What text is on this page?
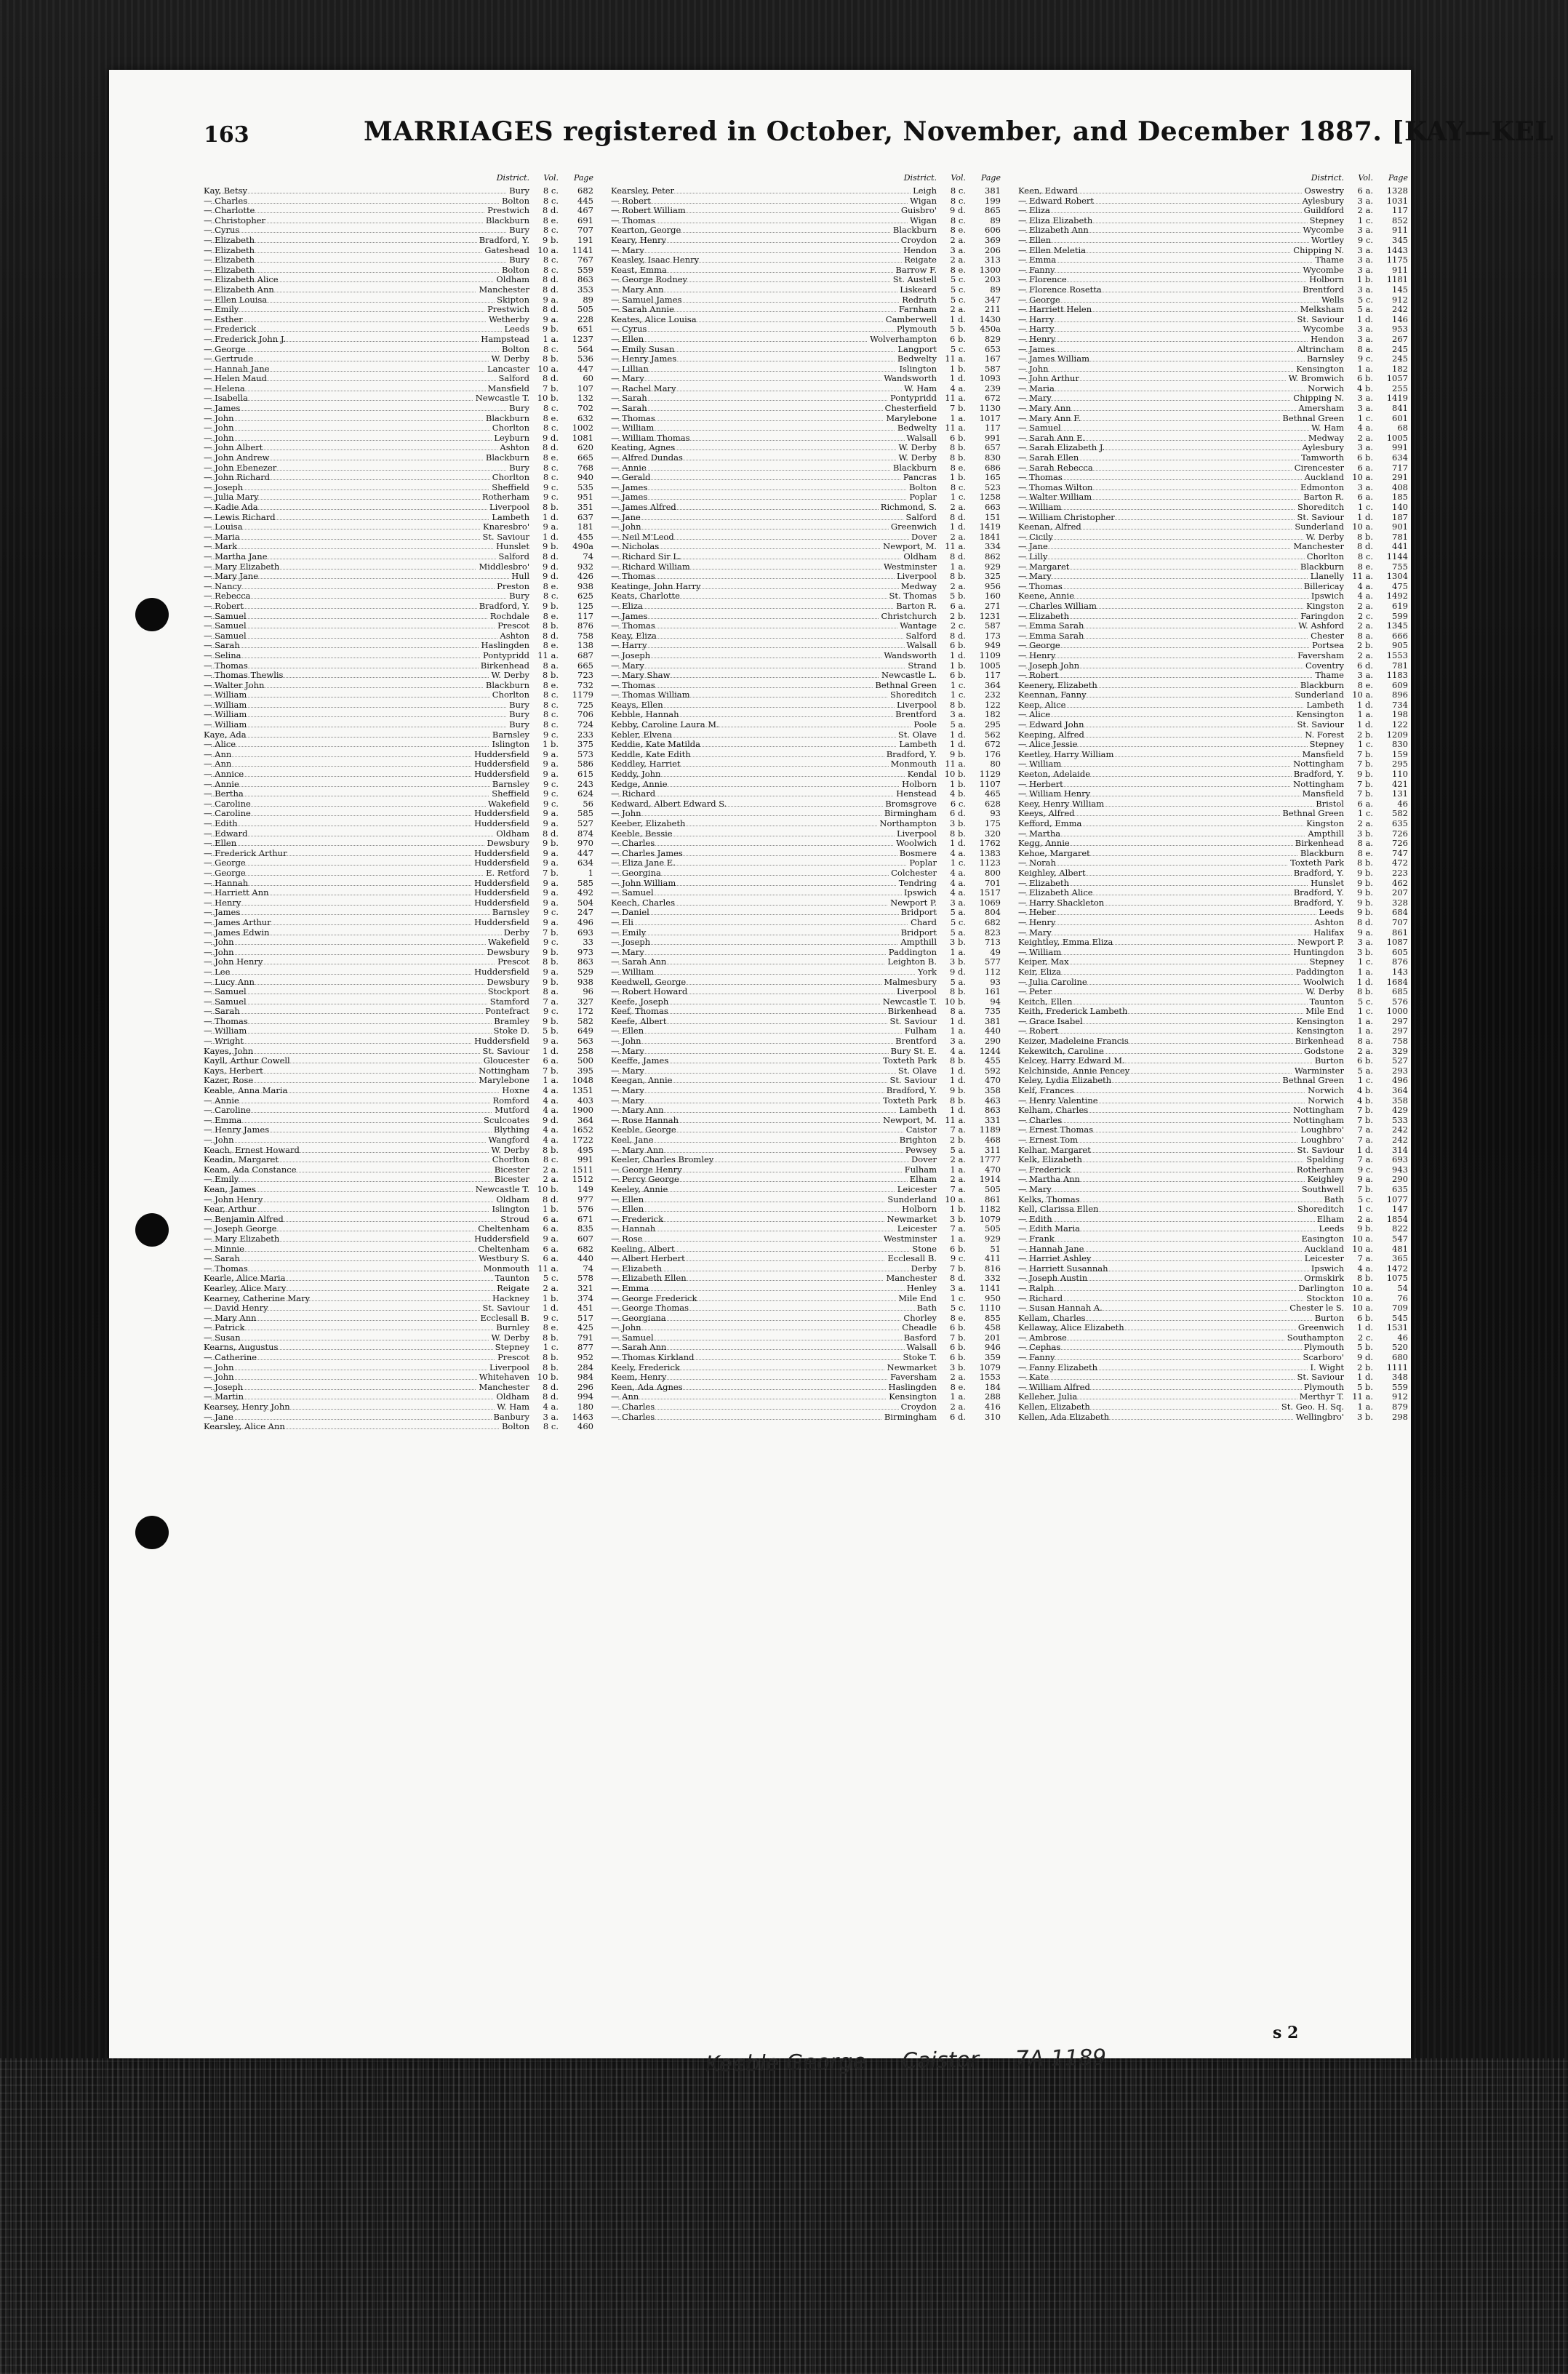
163	MARRIAGES registered in October, November, and December 1887. [KAY—KEL
District. Vol. Page
Kay, Betsy	Bury	8 c.	682
— Charles	Bolton	8 c.	445
— Charlotte	Prestwich	8 d.	467
— Christopher	Blackburn	8 e.	691
— Cyrus	Bury	8 c.	707
— Elizabeth	Bradford, Y.	9 b.	191
— Elizabeth	Gateshead 10 a.	1141
— Elizabeth	Bury	8 c.	767
— Elizabeth	Bolton	8 c.	559
— Elizabeth Alice	Oldham	8 d.	863
— Elizabeth Ann	Manchester	8 d.	353
— Ellen Louisa	Skipton	9 a.	89
— Emily	Prestwich	8 d.	505
— Esther	Wetherby	9 a.	228
— Frederick	Leeds	9 b.	651
— Frederick John J.	Hampstead	1 a.	1237
— George	Bolton	8 c.	564
— Gertrude	W. Derby	8 b.	536
— Hannah Jane	Lancaster 10 a.	447
— Helen Maud	Salford	8 d.	60
— Helena	Mansfield	7 b.	107
— Isabella	Newcastle T. 10 b.	132
— James	Bury	8 c.	702
— John	Blackburn	8 e.	632
— John	Chorlton	8 c.	1002
— John	Leyburn	9 d.	1081
— John Albert	Ashton	8 d.	620
— John Andrew	Blackburn	8 e.	665
— John Ebenezer	Bury	8 c.	768
— John Richard	Chorlton	8 c.	940
— Joseph	Sheffield	9 c.	535
— Julia Mary	Rotherham	9 c.	951
— Kadie Ada	Liverpool	8 b.	351
— Lewis Richard	Lambeth	1 d.	637
— Louisa	Knaresbro'	9 a.	181
— Maria	St. Saviour	1 d.	455
— Mark	Hunslet	9 b.	490a
— Martha Jane	Salford	8 d.	74
— Mary Elizabeth	Middlesbro'	9 d.	932
— Mary Jane	Hull	9 d.	426
— Nancy	Preston	8 e.	938
— Rebecca	Bury	8 c.	625
— Robert	Bradford, Y.	9 b.	125
— Samuel	Rochdale	8 e.	117
— Samuel	Prescot	8 b.	876
— Samuel	Ashton	8 d.	758
— Sarah	Haslingden	8 e.	138
— Selina	Pontypridd 11 a.	687
— Thomas	Birkenhead	8 a.	665
— Thomas Thewlis	W. Derby	8 b.	723
— Walter John	Blackburn	8 e.	732
— William	Chorlton	8 c.	1179
— William	Bury	8 c.	725
— William	Bury	8 c.	706
— William	Bury	8 c.	724
Kaye, Ada	Barnsley	9 c.	233
— Alice	Islington	1 b.	375
— Ann	Huddersfield	9 a.	573
— Ann	Huddersfield	9 a.	586
— Annice	Huddersfield	9 a.	615
— Annie	Barnsley	9 c.	243
— Bertha	Sheffield	9 c.	624
— Caroline	Wakefield	9 c.	56
— Caroline	Huddersfield	9 a.	585
— Edith	Huddersfield	9 a.	527
— Edward	Oldham	8 d.	874
— Ellen	Dewsbury	9 b.	970
— Frederick Arthur	Huddersfield	9 a.	447
— George	Huddersfield	9 a.	634
— George	E. Retford	7 b.	1
— Hannah	Huddersfield	9 a.	585
— Harriett Ann	Huddersfield	9 a.	492
— Henry	Huddersfield	9 a.	504
— James	Barnsley	9 c.	247
— James Arthur	Huddersfield	9 a.	496
— James Edwin	Derby	7 b.	693
— John	Wakefield	9 c.	33
— John	Dewsbury	9 b.	973
— John Henry	Prescot	8 b.	863
— Lee	Huddersfield	9 a.	529
— Lucy Ann	Dewsbury	9 b.	938
— Samuel	Stockport	8 a.	96
— Samuel	Stamford	7 a.	327
— Sarah	Pontefract	9 c.	172
— Thomas	Bramley	9 b.	582
— William	Stoke D.	5 b.	649
— Wright	Huddersfield	9 a.	563
Kayes, John	St. Saviour	1 d.	258
Kayll, Arthur Cowell	Gloucester	6 a.	500
Kays, Herbert	Nottingham	7 b.	395
Kazer, Rose	Marylebone	1 a.	1048
Keable, Anna Maria	Hoxne	4 a.	1351
— Annie	Romford	4 a.	403
— Caroline	Mutford	4 a.	1900
— Emma	Sculcoates	9 d.	364
— Henry James	Blything	4 a.	1652
— John	Wangford	4 a.	1722
Keach, Ernest Howard	W. Derby	8 b.	495
Keadin, Margaret	Chorlton	8 c.	991
Keam, Ada Constance	Bicester	2 a.	1511
— Emily	Bicester	2 a.	1512
Kean, James	Newcastle T. 10 b.	149
— John Henry	Oldham	8 d.	977
Kear, Arthur	Islington	1 b.	576
— Benjamin Alfred	Stroud	6 a.	671
— Joseph George	Cheltenham	6 a.	835
— Mary Elizabeth	Huddersfield	9 a.	607
— Minnie	Cheltenham	6 a.	682
— Sarah	Westbury S.	6 a.	440
— Thomas	Monmouth 11 a.	74
Kearle, Alice Maria	Taunton	5 c.	578
Kearley, Alice Mary	Reigate	2 a.	321
Kearney, Catherine Mary	Hackney	1 b.	374
— David Henry	St. Saviour	1 d.	451
— Mary Ann	Ecclesall B.	9 c.	517
— Patrick	Burnley	8 e.	425
— Susan	W. Derby	8 b.	791
Kearns, Augustus	Stepney	1 c.	877
— Catherine	Prescot	8 b.	952
— John	Liverpool	8 b.	284
— John	Whitehaven 10 b.	984
— Joseph	Manchester	8 d.	296
— Martin	Oldham	8 d.	994
Kearsey, Henry John	W. Ham	4 a.	180
— Jane	Banbury	3 a.	1463
Kearsley, Alice Ann	Bolton	8 c.	460
District. Vol. Page
Kearsley, Peter	Leigh	8 c.	381
— Robert	Wigan	8 c.	199
— Robert William	Guisbro'	9 d.	865
— Thomas	Wigan	8 c.	89
Kearton, George	Blackburn	8 e.	606
Keary, Henry	Croydon	2 a.	369
— Mary	Hendon	3 a.	206
Keasley, Isaac Henry	Reigate	2 a.	313
Keast, Emma	Barrow F.	8 e.	1300
— George Rodney	St. Austell	5 c.	203
— Mary Ann	Liskeard	5 c.	89
— Samuel James	Redruth	5 c.	347
— Sarah Annie	Farnham	2 a.	211
Keates, Alice Louisa	Camberwell	1 d.	1430
— Cyrus	Plymouth	5 b.	450a
— Ellen	Wolverhampton	6 b.	829
— Emily Susan	Langport	5 c.	653
— Henry James	Bedwelty 11 a.	167
— Lillian	Islington	1 b.	587
— Mary	Wandsworth	1 d.	1093
— Rachel Mary	W. Ham	4 a.	239
— Sarah	Pontypridd 11 a.	672
— Sarah	Chesterfield	7 b.	1130
— Thomas	Marylebone	1 a.	1017
— William	Bedwelty 11 a.	117
— William Thomas	Walsall	6 b.	991
Keating, Agnes	W. Derby	8 b.	657
— Alfred Dundas	W. Derby	8 b.	830
— Annie	Blackburn	8 e.	686
— Gerald	Pancras	1 b.	165
— James	Bolton	8 c.	523
— James	Poplar	1 c.	1258
— James Alfred	Richmond, S.	2 a.	663
— Jane	Salford	8 d.	151
— John	Greenwich	1 d.	1419
— Neil M'Leod	Dover	2 a.	1841
— Nicholas	Newport, M. 11 a.	334
— Richard Sir L.	Oldham	8 d.	862
— Richard William	Westminster	1 a.	929
— Thomas	Liverpool	8 b.	325
Keatinge, John Harry	Medway	2 a.	956
Keats, Charlotte	St. Thomas	5 b.	160
— Eliza	Barton R.	6 a.	271
— James	Christchurch	2 b.	1231
— Thomas	Wantage	2 c.	587
Keay, Eliza	Salford	8 d.	173
— Harry	Walsall	6 b.	949
— Joseph	Wandsworth	1 d.	1109
— Mary	Strand	1 b.	1005
— Mary Shaw	Newcastle L.	6 b.	117
— Thomas	Bethnal Green	1 c.	364
— Thomas William	Shoreditch	1 c.	232
Keays, Ellen	Liverpool	8 b.	122
Kebble, Hannah	Brentford	3 a.	182
Kebby, Caroline Laura M.	Poole	5 a.	295
Kebler, Elvena	St. Olave	1 d.	562
Keddie, Kate Matilda	Lambeth	1 d.	672
Keddle, Kate Edith	Bradford, Y.	9 b.	176
Keddley, Harriet	Monmouth 11 a.	80
Keddy, John	Kendal 10 b.	1129
Kedge, Annie	Holborn	1 b.	1107
— Richard	Henstead	4 b.	465
Kedward, Albert Edward S.	Bromsgrove	6 c.	628
— John	Birmingham	6 d.	93
Keeber, Elizabeth	Northampton	3 b.	175
Keeble, Bessie	Liverpool	8 b.	320
— Charles	Woolwich	1 d.	1762
— Charles James	Bosmere	4 a.	1383
— Eliza Jane E.	Poplar	1 c.	1123
— Georgina	Colchester	4 a.	800
— John William	Tendring	4 a.	701
— Samuel	Ipswich	4 a.	1517
Keech, Charles	Newport P.	3 a.	1069
— Daniel	Bridport	5 a.	804
— Eli	Chard	5 c.	682
— Emily	Bridport	5 a.	823
— Joseph	Ampthill	3 b.	713
— Mary	Paddington	1 a.	49
— Sarah Ann	Leighton B.	3 b.	577
— William	York	9 d.	112
Keedwell, George	Malmesbury	5 a.	93
— Robert Howard	Liverpool	8 b.	161
Keefe, Joseph	Newcastle T. 10 b.	94
Keef, Thomas	Birkenhead	8 a.	735
Keefe, Albert	St. Saviour	1 d.	381
— Ellen	Fulham	1 a.	440
— John	Brentford	3 a.	290
— Mary	Bury St. E.	4 a.	1244
Keeffe, James	Toxteth Park	8 b.	455
— Mary	St. Olave	1 d.	592
Keegan, Annie	St. Saviour	1 d.	470
— Mary	Bradford, Y.	9 b.	358
— Mary	Toxteth Park	8 b.	463
— Mary Ann	Lambeth	1 d.	863
— Rose Hannah	Newport, M. 11 a.	331
Keeble, George	Caistor	7 a.	1189
Keel, Jane	Brighton	2 b.	468
— Mary Ann	Pewsey	5 a.	311
Keeler, Charles Bromley	Dover	2 a.	1777
— George Henry	Fulham	1 a.	470
— Percy George	Elham	2 a.	1914
Keeley, Annie	Leicester	7 a.	505
— Ellen	Sunderland 10 a.	861
— Ellen	Holborn	1 b.	1182
— Frederick	Newmarket	3 b.	1079
— Hannah	Leicester	7 a.	505
— Rose	Westminster	1 a.	929
Keeling, Albert	Stone	6 b.	51
— Albert Herbert	Ecclesall B.	9 c.	411
— Elizabeth	Derby	7 b.	816
— Elizabeth Ellen	Manchester	8 d.	332
— Emma	Henley	3 a.	1141
— George Frederick	Mile End	1 c.	950
— George Thomas	Bath	5 c.	1110
— Georgiana	Chorley	8 e.	855
— John	Cheadle	6 b.	458
— Samuel	Basford	7 b.	201
— Sarah Ann	Walsall	6 b.	946
— Thomas Kirkland	Stoke T.	6 b.	359
Keely, Frederick	Newmarket	3 b.	1079
Keem, Henry	Faversham	2 a.	1553
Keen, Ada Agnes	Haslingden	8 e.	184
— Ann	Kensington	1 a.	288
— Charles	Croydon	2 a.	416
— Charles	Birmingham	6 d.	310
District. Vol. Page
Keen, Edward	Oswestry	6 a.	1328
— Edward Robert	Aylesbury	3 a.	1031
— Eliza	Guildford	2 a.	117
— Eliza Elizabeth	Stepney	1 c.	852
— Elizabeth Ann	Wycombe	3 a.	911
— Ellen	Wortley	9 c.	345
— Ellen Meletia	Chipping N.	3 a.	1443
— Emma	Thame	3 a.	1175
— Fanny	Wycombe	3 a.	911
— Florence	Holborn	1 b.	1181
— Florence Rosetta	Brentford	3 a.	145
— George	Wells	5 c.	912
— Harriett Helen	Melksham	5 a.	242
— Harry	St. Saviour	1 d.	146
— Harry	Wycombe	3 a.	953
— Henry	Hendon	3 a.	267
— James	Altrincham	8 a.	245
— James William	Barnsley	9 c.	245
— John	Kensington	1 a.	182
— John Arthur	W. Bromwich	6 b.	1057
— Maria	Norwich	4 b.	255
— Mary	Chipping N.	3 a.	1419
— Mary Ann	Amersham	3 a.	841
— Mary Ann F.	Bethnal Green	1 c.	601
— Samuel	W. Ham	4 a.	68
— Sarah Ann E.	Medway	2 a.	1005
— Sarah Elizabeth J.	Aylesbury	3 a.	991
— Sarah Ellen	Tamworth	6 b.	634
— Sarah Rebecca	Cirencester	6 a.	717
— Thomas	Auckland 10 a.	291
— Thomas Wilton	Edmonton	3 a.	408
— Walter William	Barton R.	6 a.	185
— William	Shoreditch	1 c.	140
— William Christopher	St. Saviour	1 d.	187
Keenan, Alfred	Sunderland 10 a.	901
— Cicily	W. Derby	8 b.	781
— Jane	Manchester	8 d.	441
— Lilly	Chorlton	8 c.	1144
— Margaret	Blackburn	8 e.	755
— Mary	Llanelly 11 a.	1304
— Thomas	Billericay	4 a.	475
Keene, Annie	Ipswich	4 a.	1492
— Charles William	Kingston	2 a.	619
— Elizabeth	Faringdon	2 c.	599
— Emma Sarah	W. Ashford	2 a.	1345
— Emma Sarah	Chester	8 a.	666
— George	Portsea	2 b.	905
— Henry	Faversham	2 a.	1553
— Joseph John	Coventry	6 d.	781
— Robert	Thame	3 a.	1183
Keenery, Elizabeth	Blackburn	8 e.	609
Keennan, Fanny	Sunderland 10 a.	896
Keep, Alice	Lambeth	1 d.	734
— Alice	Kensington	1 a.	198
— Edward John	St. Saviour	1 d.	122
Keeping, Alfred	N. Forest	2 b.	1209
— Alice Jessie	Stepney	1 c.	830
Keetley, Harry William	Mansfield	7 b.	159
— William	Nottingham	7 b.	295
Keeton, Adelaide	Bradford, Y.	9 b.	110
— Herbert	Nottingham	7 b.	421
— William Henry	Mansfield	7 b.	131
Keey, Henry William	Bristol	6 a.	46
Keeys, Alfred	Bethnal Green	1 c.	582
Kefford, Emma	Kingston	2 a.	635
— Martha	Ampthill	3 b.	726
Kegg, Annie	Birkenhead	8 a.	726
Kehoe, Margaret	Blackburn	8 e.	747
— Norah	Toxteth Park	8 b.	472
Keighley, Albert	Bradford, Y.	9 b.	223
— Elizabeth	Hunslet	9 b.	462
— Elizabeth Alice	Bradford, Y.	9 b.	207
— Harry Shackleton	Bradford, Y.	9 b.	328
— Heber	Leeds	9 b.	684
— Henry	Ashton	8 d.	707
— Mary	Halifax	9 a.	861
Keightley, Emma Eliza	Newport P.	3 a.	1087
— William	Huntingdon	3 b.	605
Keiper, Max	Stepney	1 c.	876
Keir, Eliza	Paddington	1 a.	143
— Julia Caroline	Woolwich	1 d.	1684
— Peter	W. Derby	8 b.	685
Keitch, Ellen	Taunton	5 c.	576
Keith, Frederick Lambeth	Mile End	1 c.	1000
— Grace Isabel	Kensington	1 a.	297
— Robert	Kensington	1 a.	297
Keizer, Madeleine Francis	Birkenhead	8 a.	758
Kekewitch, Caroline	Godstone	2 a.	329
Kelcey, Harry Edward M.	Burton	6 b.	527
Kelchinside, Annie Pencey	Warminster	5 a.	293
Keley, Lydia Elizabeth	Bethnal Green	1 c.	496
Kelf, Frances	Norwich	4 b.	364
— Henry Valentine	Norwich	4 b.	358
Kelham, Charles	Nottingham	7 b.	429
— Charles	Nottingham	7 b.	533
— Ernest Thomas	Loughbro'	7 a.	242
— Ernest Tom	Loughbro'	7 a.	242
Kelhar, Margaret	St. Saviour	1 d.	314
Kelk, Elizabeth	Spalding	7 a.	693
— Frederick	Rotherham	9 c.	943
— Martha Ann	Keighley	9 a.	290
— Mary	Southwell	7 b.	635
Kelks, Thomas	Bath	5 c.	1077
Kell, Clarissa Ellen	Shoreditch	1 c.	147
— Edith	Elham	2 a.	1854
— Edith Maria	Leeds	9 b.	822
— Frank	Easington 10 a.	547
— Hannah Jane	Auckland 10 a.	481
— Harriet Ashley	Leicester	7 a.	365
— Harriett Susannah	Ipswich	4 a.	1472
— Joseph Austin	Ormskirk	8 b.	1075
— Ralph	Darlington 10 a.	54
— Richard	Stockton 10 a.	76
— Susan Hannah A.	Chester le S. 10 a.	709
Kellam, Charles	Burton	6 b.	545
Kellaway, Alice Elizabeth	Greenwich	1 d.	1531
— Ambrose	Southampton	2 c.	46
— Cephas	Plymouth	5 b.	520
— Fanny	Scarboro'	9 d.	680
— Fanny Elizabeth	I. Wight	2 b.	1111
— Kate	St. Saviour	1 d.	348
— William Alfred	Plymouth	5 b.	559
Kelleher, Julia	Merthyr T. 11 a.	912
Kellen, Elizabeth	St. Geo. H. Sq.	1 a.	879
Kellen, Ada Elizabeth	Wellingbro'	3 b.	298
s 2
Keeble George Caistor 7A 1189
